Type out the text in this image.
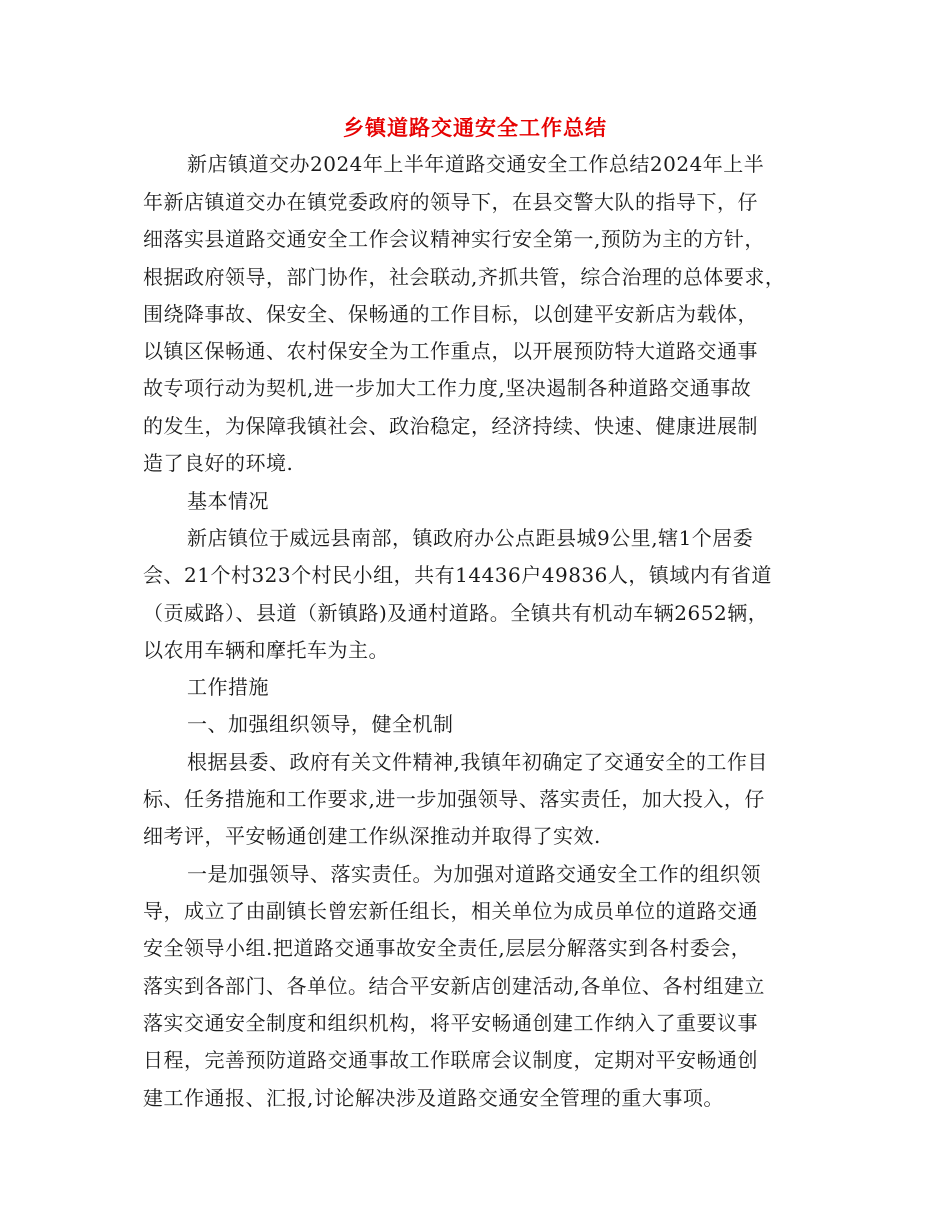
乡镇道路交通安全工作总结
新店镇道交办2024年上半年道路交通安全工作总结2024年上半
年新店镇道交办在镇党委政府的领导下，在县交警大队的指导下，仔
细落实县道路交通安全工作会议精神实行安全第一,预防为主的方针，
根据政府领导，部门协作，社会联动,齐抓共管，综合治理的总体要求，
围绕降事故、保安全、保畅通的工作目标，以创建平安新店为载体，
以镇区保畅通、农村保安全为工作重点，以开展预防特大道路交通事
故专项行动为契机,进一步加大工作力度,坚决遏制各种道路交通事故
的发生，为保障我镇社会、政治稳定，经济持续、快速、健康进展制
造了良好的环境.
基本情况
新店镇位于威远县南部，镇政府办公点距县城9公里,辖1个居委
会、21个村323个村民小组，共有14436户49836人，镇域内有省道
（贡威路）、县道（新镇路)及通村道路。全镇共有机动车辆2652辆，
以农用车辆和摩托车为主。
工作措施
一、加强组织领导，健全机制
根据县委、政府有关文件精神,我镇年初确定了交通安全的工作目
标、任务措施和工作要求,进一步加强领导、落实责任，加大投入，仔
细考评，平安畅通创建工作纵深推动并取得了实效.
一是加强领导、落实责任。为加强对道路交通安全工作的组织领
导，成立了由副镇长曾宏新任组长，相关单位为成员单位的道路交通
安全领导小组.把道路交通事故安全责任,层层分解落实到各村委会，
落实到各部门、各单位。结合平安新店创建活动,各单位、各村组建立
落实交通安全制度和组织机构，将平安畅通创建工作纳入了重要议事
日程，完善预防道路交通事故工作联席会议制度，定期对平安畅通创
建工作通报、汇报,讨论解决涉及道路交通安全管理的重大事项。
